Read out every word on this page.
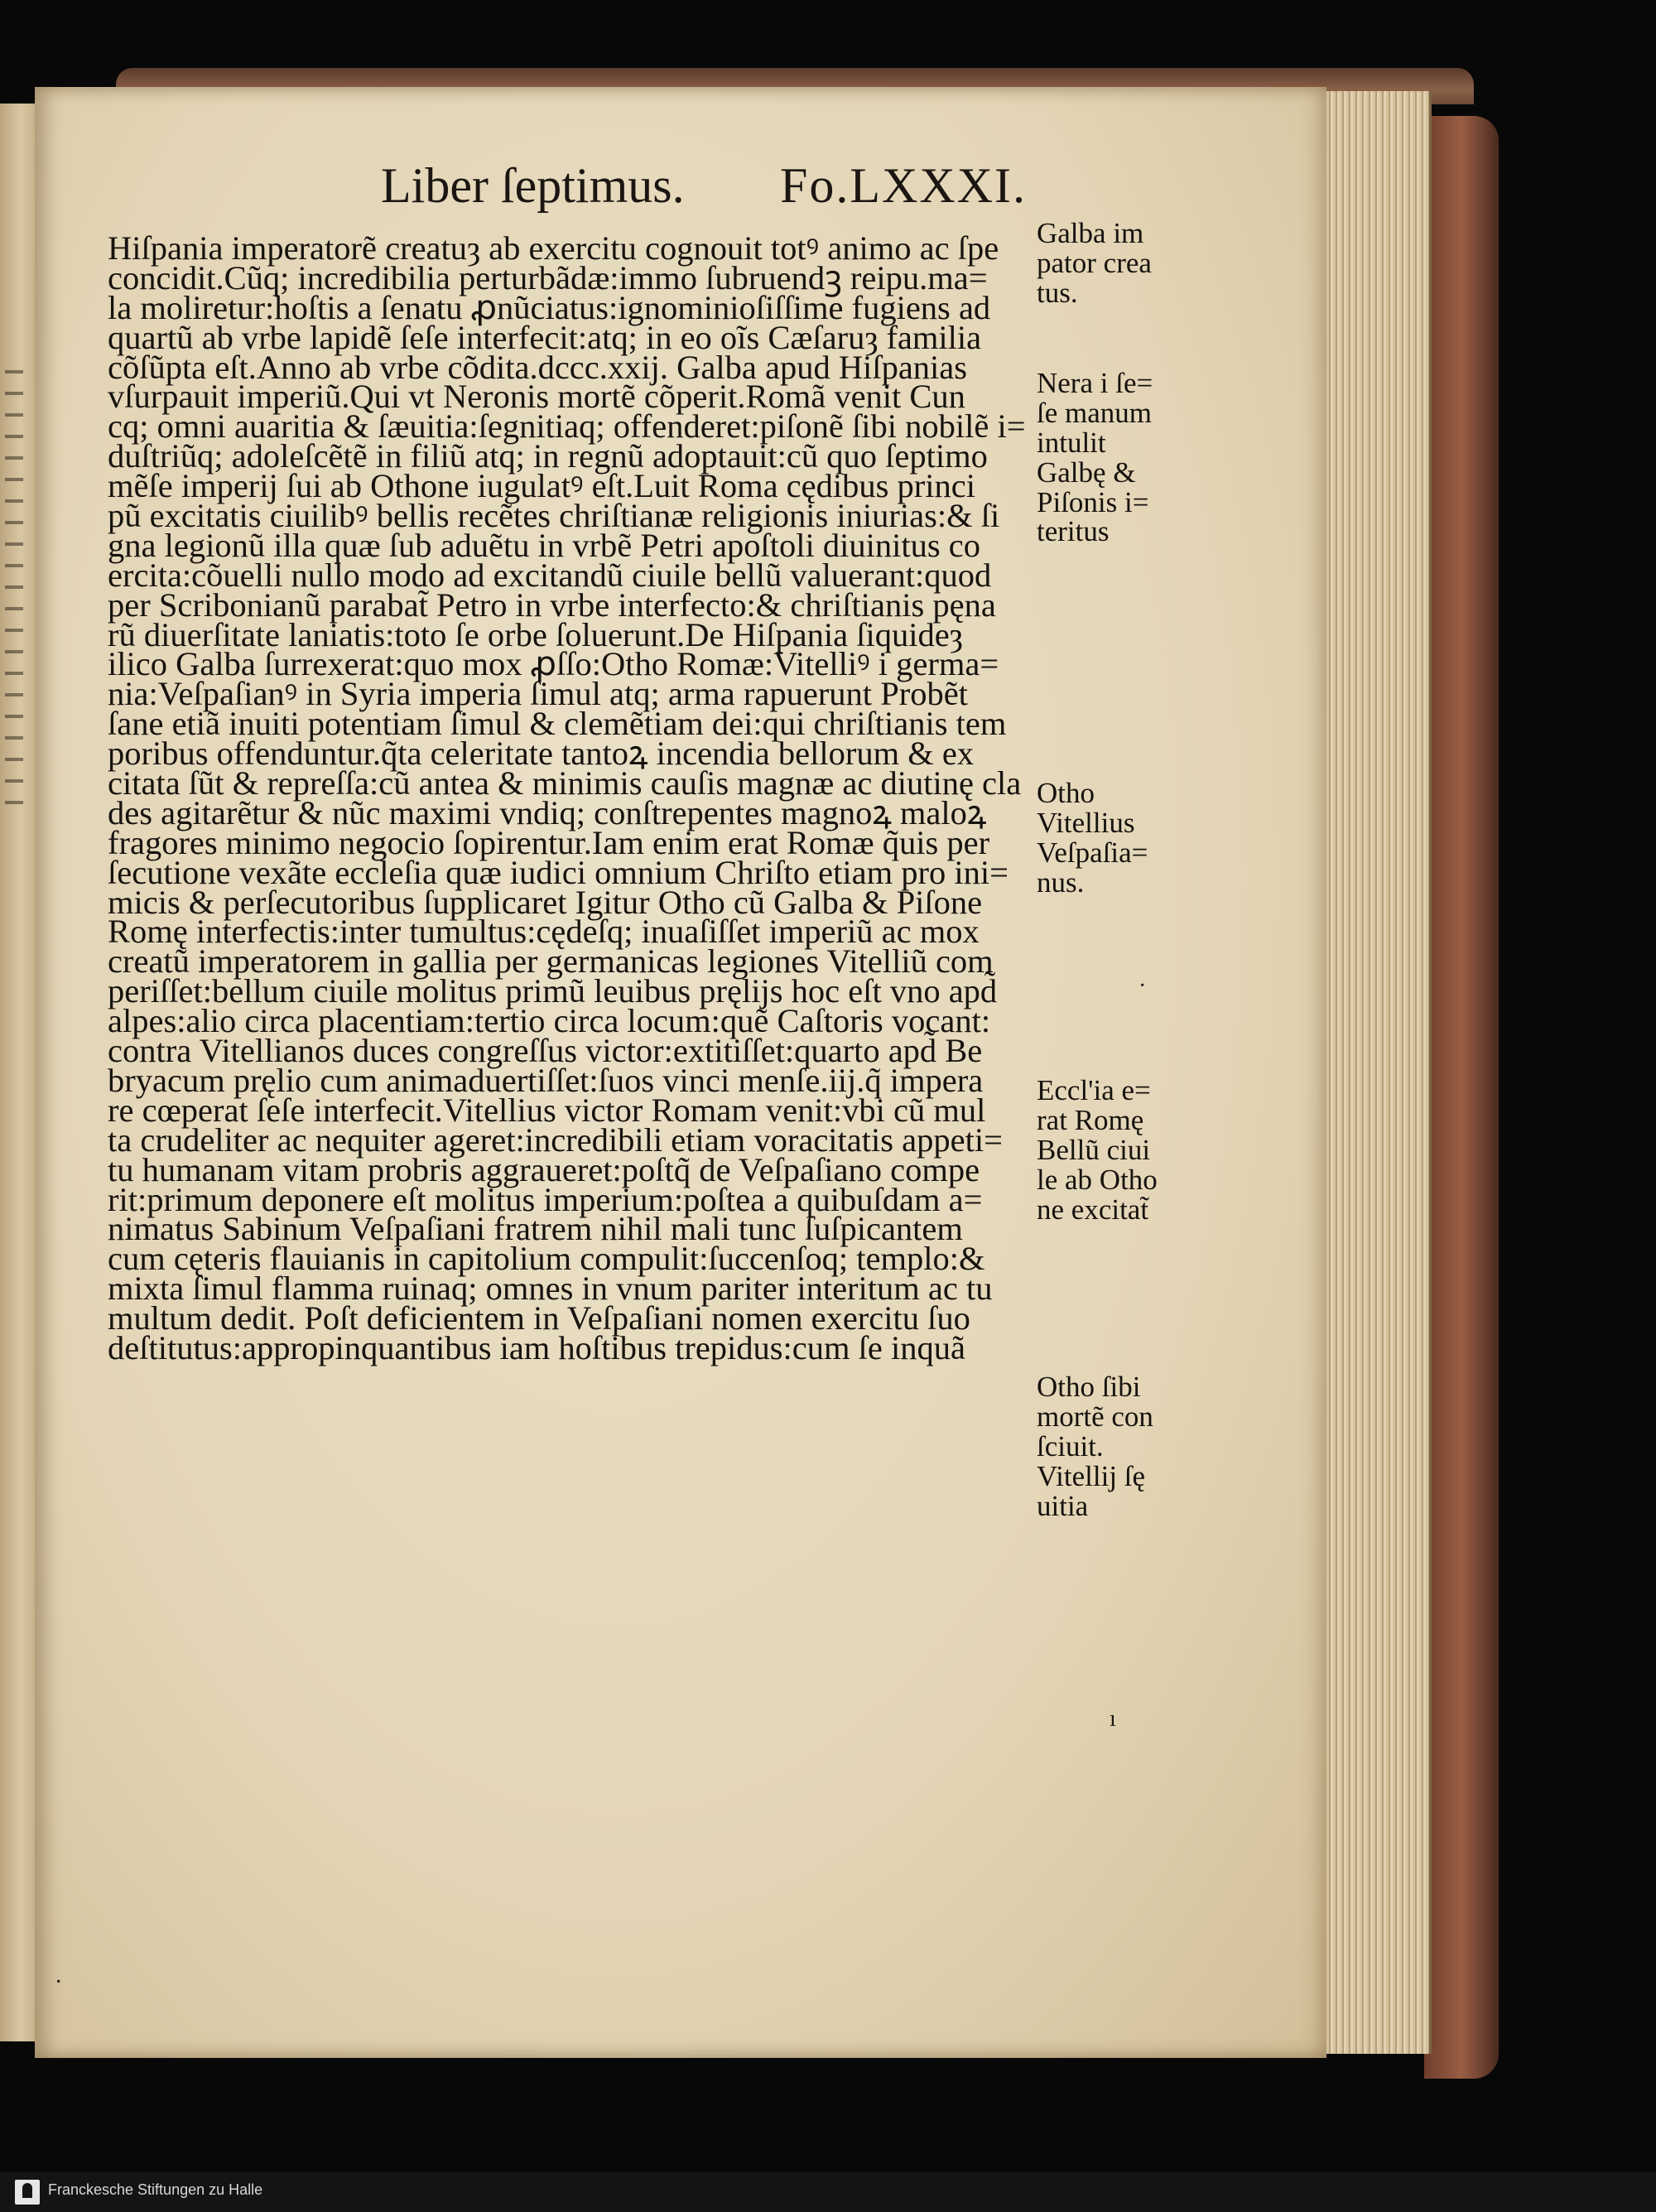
Liber ſeptimus. Fo.LXXXI.
Hiſpania imperatorẽ creatuȝ ab exercitu cognouit totꝰ animo ac ſpe
concidit.Cũq; incredibilia perturbãdæ:immo ſubruendꝫ reipu.ma=
la moliretur:hoſtis a ſenatu ꝓnũciatus:ignominioſiſſime fugiens ad
quartũ ab vrbe lapidẽ ſeſe interfecit:atq; in eo oĩs Cæſaruȝ familia
cõſũpta eſt.Anno ab vrbe cõdita.dccc.xxij. Galba apud Hiſpanias
vſurpauit imperiũ.Qui vt Neronis mortẽ cõperit.Romã venit Cun
cq; omni auaritia & ſæuitia:ſegnitiaq; offenderet:piſonẽ ſibi nobilẽ i=
duſtriũq; adoleſcẽtẽ in filiũ atq; in regnũ adoptauit:cũ quo ſeptimo
mẽſe imperij ſui ab Othone iugulatꝰ eſt.Luit Roma cędibus princi
pũ excitatis ciuilibꝰ bellis recẽtes chriſtianæ religionis iniurias:& ſi
gna legionũ illa quæ ſub aduẽtu in vrbẽ Petri apoſtoli diuinitus co
ercita:cõuelli nullo modo ad excitandũ ciuile bellũ valuerant:quod
per Scribonianũ parabat̃ Petro in vrbe interfecto:& chriſtianis pęna
rũ diuerſitate laniatis:toto ſe orbe ſoluerunt.De Hiſpania ſiquideȝ
ilico Galba ſurrexerat:quo mox ꝓſſo:Otho Romæ:Vitelliꝰ i germa=
nia:Veſpaſianꝰ in Syria imperia ſimul atq; arma rapuerunt Probẽt
ſane etiã inuiti potentiam ſimul & clemẽtiam dei:qui chriſtianis tem
poribus offenduntur.q̃ta celeritate tantoꝝ incendia bellorum & ex
citata ſũt & repreſſa:cũ antea & minimis cauſis magnæ ac diutinę cla
des agitarẽtur & nũc maximi vndiq; conſtrepentes magnoꝝ maloꝝ
fragores minimo negocio ſopirentur.Iam enim erat Romæ q̃uis per
ſecutione vexãte eccleſia quæ iudici omnium Chriſto etiam pro ini=
micis & perſecutoribus ſupplicaret Igitur Otho cũ Galba & Piſone
Romę interfectis:inter tumultus:cędeſq; inuaſiſſet imperiũ ac mox
creatũ imperatorem in gallia per germanicas legiones Vitelliũ com
periſſet:bellum ciuile molitus primũ leuibus pręlijs hoc eſt vno apd̃
alpes:alio circa placentiam:tertio circa locum:quẽ Caſtoris vocant:
contra Vitellianos duces congreſſus victor:extitiſſet:quarto apd̃ Be
bryacum pręlio cum animaduertiſſet:ſuos vinci menſe.iij.q̃ impera
re cœperat ſeſe interfecit.Vitellius victor Romam venit:vbi cũ mul
ta crudeliter ac nequiter ageret:incredibili etiam voracitatis appeti=
tu humanam vitam probris aggraueret:poſtq̃ de Veſpaſiano compe
rit:primum deponere eſt molitus imperium:poſtea a quibuſdam a=
nimatus Sabinum Veſpaſiani fratrem nihil mali tunc ſuſpicantem
cum cęteris flauianis in capitolium compulit:ſuccenſoq; templo:&
mixta ſimul flamma ruinaq; omnes in vnum pariter interitum ac tu
multum dedit. Poſt deficientem in Veſpaſiani nomen exercitu ſuo
deſtitutus:appropinquantibus iam hoſtibus trepidus:cum ſe inquã
Galba im
pator crea
tus.
Nera i ſe=
ſe manum
intulit
Galbę &
Piſonis i=
teritus
Otho
Vitellius
Veſpaſia=
nus.
Eccl'ia e=
rat Romę
Bellũ ciui
le ab Otho
ne excitat̃
Otho ſibi
mortẽ con
ſciuit.
Vitellij ſę
uitia
·
ı
·
Franckesche Stiftungen zu Halle
